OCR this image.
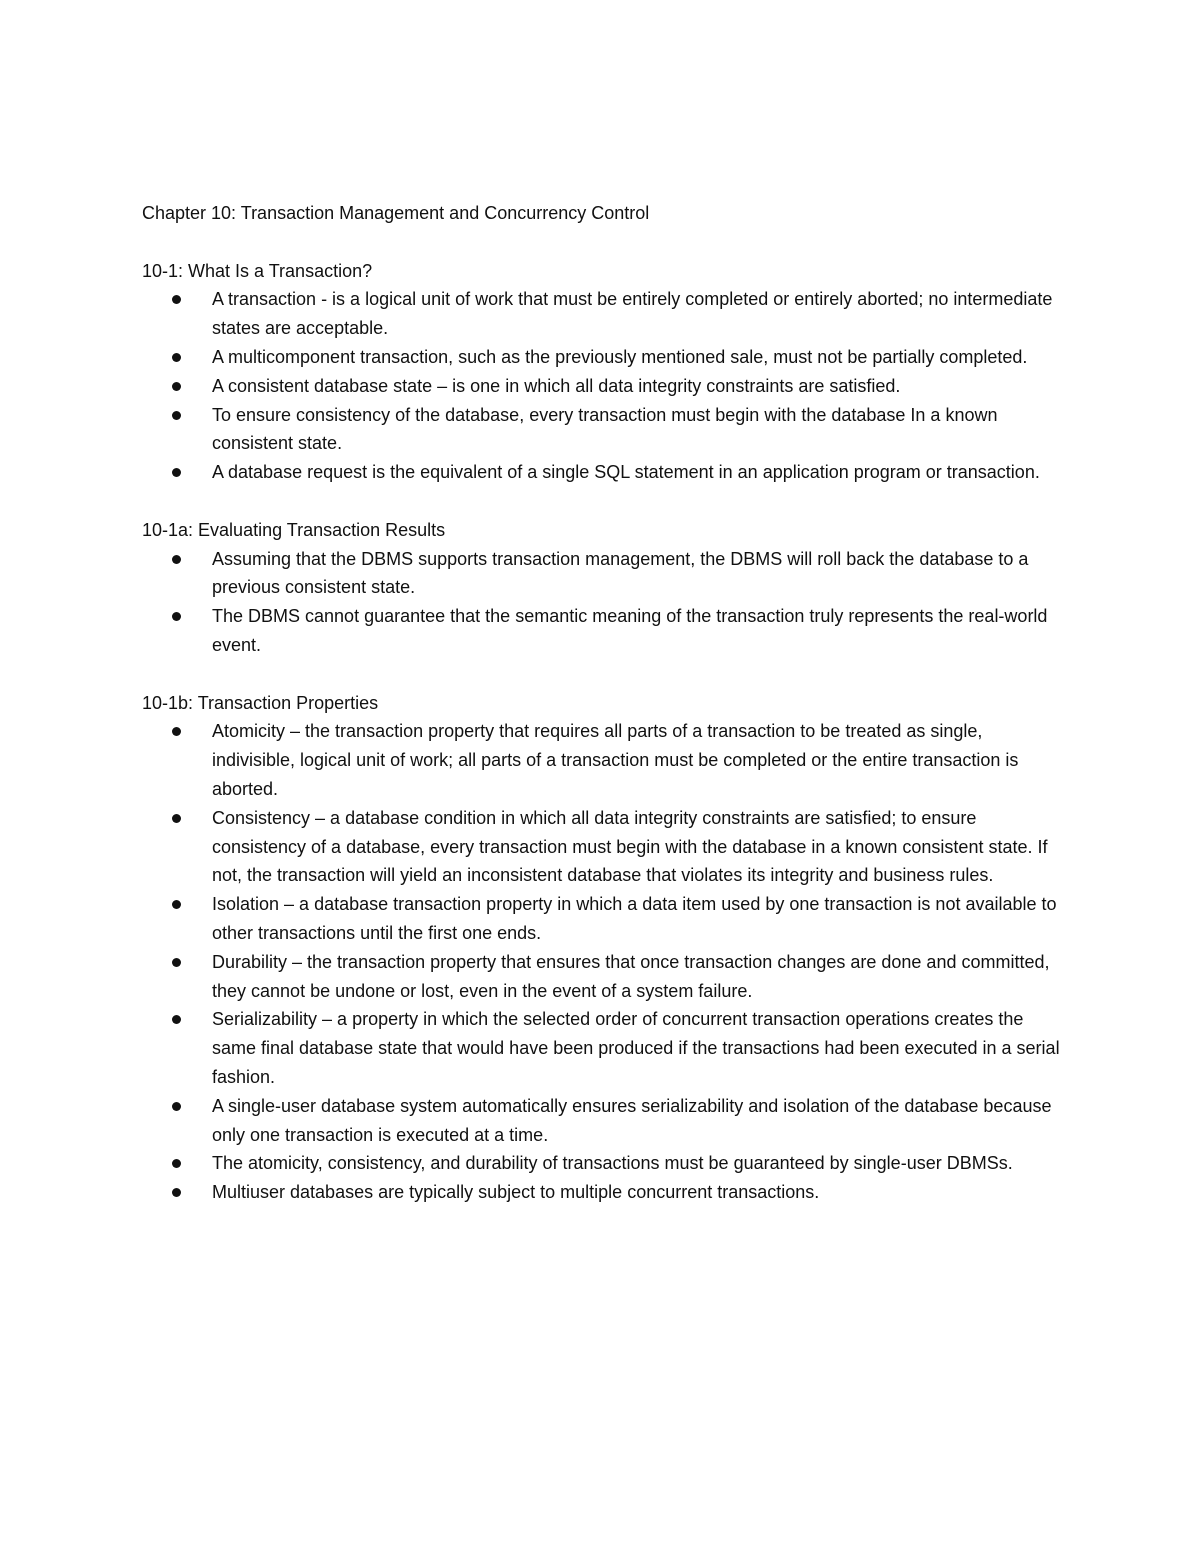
Chapter 10: Transaction Management and Concurrency Control
10-1: What Is a Transaction?
A transaction - is a logical unit of work that must be entirely completed or entirely aborted; no intermediate states are acceptable.
A multicomponent transaction, such as the previously mentioned sale, must not be partially completed.
A consistent database state – is one in which all data integrity constraints are satisfied.
To ensure consistency of the database, every transaction must begin with the database In a known consistent state.
A database request is the equivalent of a single SQL statement in an application program or transaction.
10-1a: Evaluating Transaction Results
Assuming that the DBMS supports transaction management, the DBMS will roll back the database to a previous consistent state.
The DBMS cannot guarantee that the semantic meaning of the transaction truly represents the real-world event.
10-1b: Transaction Properties
Atomicity – the transaction property that requires all parts of a transaction to be treated as single, indivisible, logical unit of work; all parts of a transaction must be completed or the entire transaction is aborted.
Consistency – a database condition in which all data integrity constraints are satisfied; to ensure consistency of a database, every transaction must begin with the database in a known consistent state. If not, the transaction will yield an inconsistent database that violates its integrity and business rules.
Isolation – a database transaction property in which a data item used by one transaction is not available to other transactions until the first one ends.
Durability – the transaction property that ensures that once transaction changes are done and committed, they cannot be undone or lost, even in the event of a system failure.
Serializability – a property in which the selected order of concurrent transaction operations creates the same final database state that would have been produced if the transactions had been executed in a serial fashion.
A single-user database system automatically ensures serializability and isolation of the database because only one transaction is executed at a time.
The atomicity, consistency, and durability of transactions must be guaranteed by single-user DBMSs.
Multiuser databases are typically subject to multiple concurrent transactions.
